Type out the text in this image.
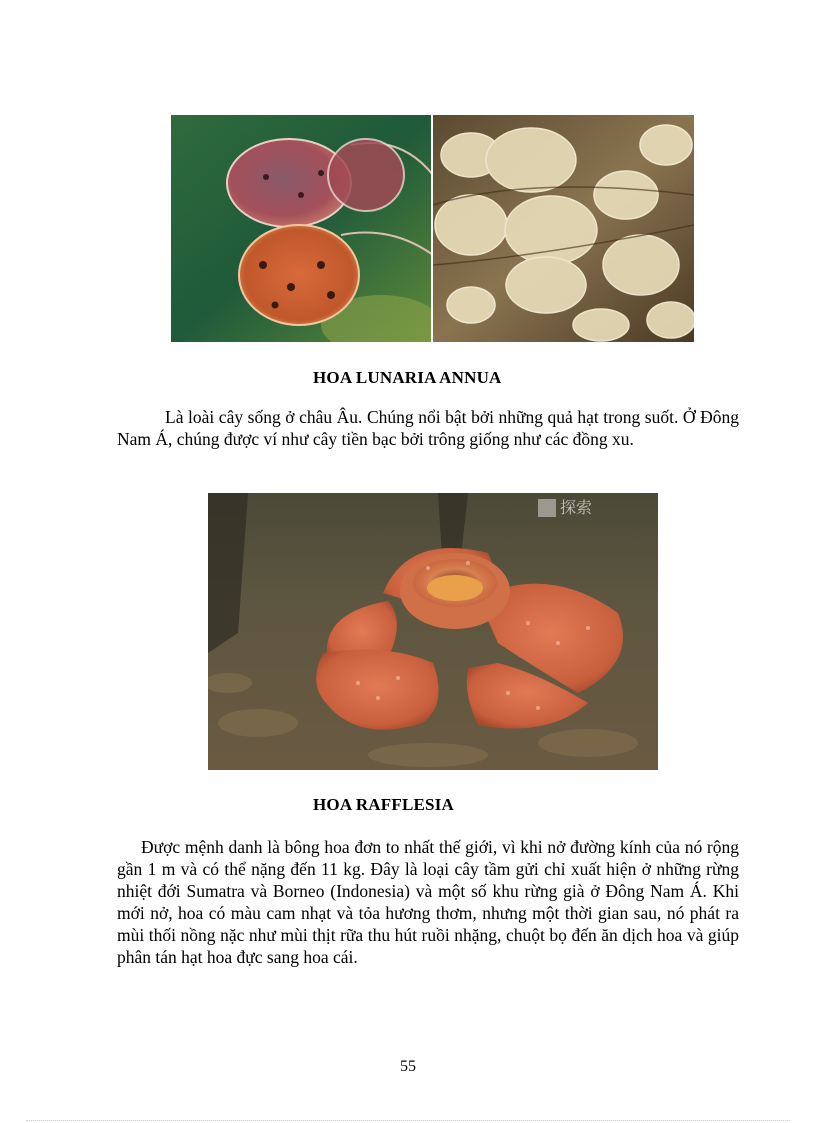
HOA LUNARIA ANNUA

Là loài cây sống ở châu Âu. Chúng nổi bật bởi những quả hạt trong suốt. Ở Đông Nam Á, chúng được ví như cây tiền bạc bởi trông giống như các đồng xu.

探索
HOA RAFFLESIA

Được mệnh danh là bông hoa đơn to nhất thế giới, vì khi nở đường kính của nó rộng gần 1 m và có thể nặng đến 11 kg. Đây là loại cây tầm gửi chỉ xuất hiện ở những rừng nhiệt đới Sumatra và Borneo (Indonesia) và một số khu rừng già ở Đông Nam Á. Khi mới nở, hoa có màu cam nhạt và tỏa hương thơm, nhưng một thời gian sau, nó phát ra mùi thối nồng nặc như mùi thịt rữa thu hút ruồi nhặng, chuột bọ đến ăn dịch hoa và giúp phân tán hạt hoa đực sang hoa cái.

55
